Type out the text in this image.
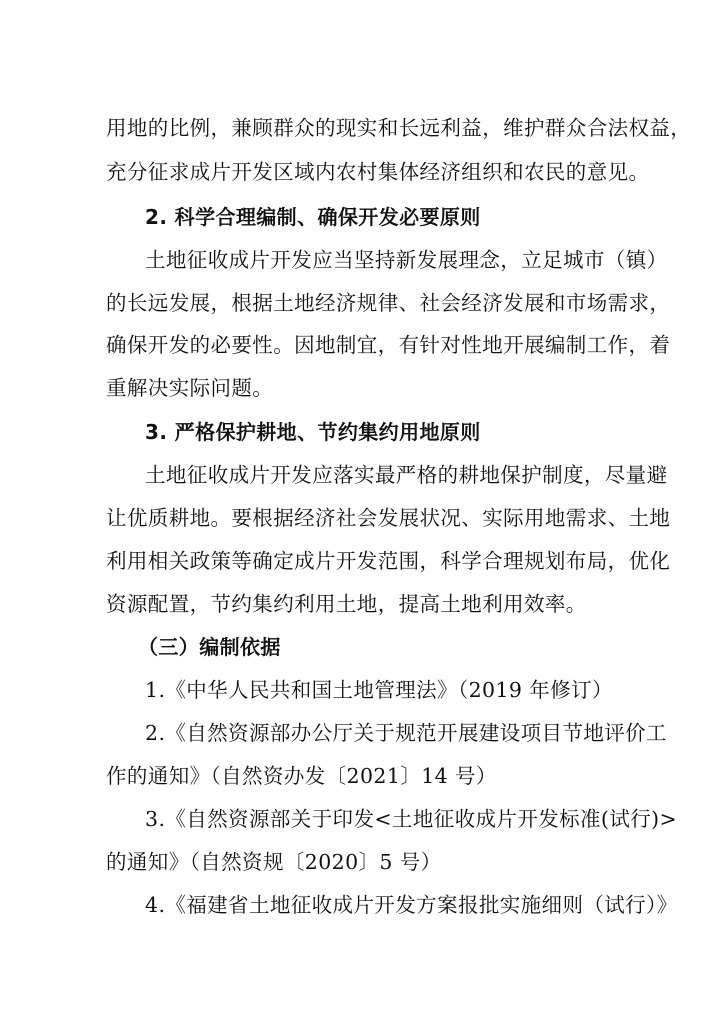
用地的比例，兼顾群众的现实和长远利益，维护群众合法权益，
充分征求成片开发区域内农村集体经济组织和农民的意见。
2. 科学合理编制、确保开发必要原则
土地征收成片开发应当坚持新发展理念，立足城市（镇）
的长远发展，根据土地经济规律、社会经济发展和市场需求，
确保开发的必要性。因地制宜，有针对性地开展编制工作，着
重解决实际问题。
3. 严格保护耕地、节约集约用地原则
土地征收成片开发应落实最严格的耕地保护制度，尽量避
让优质耕地。要根据经济社会发展状况、实际用地需求、土地
利用相关政策等确定成片开发范围，科学合理规划布局，优化
资源配置，节约集约利用土地，提高土地利用效率。
（三）编制依据
1.《中华人民共和国土地管理法》（2019 年修订）
2.《自然资源部办公厅关于规范开展建设项目节地评价工
作的通知》（自然资办发〔2021〕14 号）
3.《自然资源部关于印发<土地征收成片开发标准(试行)>
的通知》（自然资规〔2020〕5 号）
4.《福建省土地征收成片开发方案报批实施细则（试行）》
